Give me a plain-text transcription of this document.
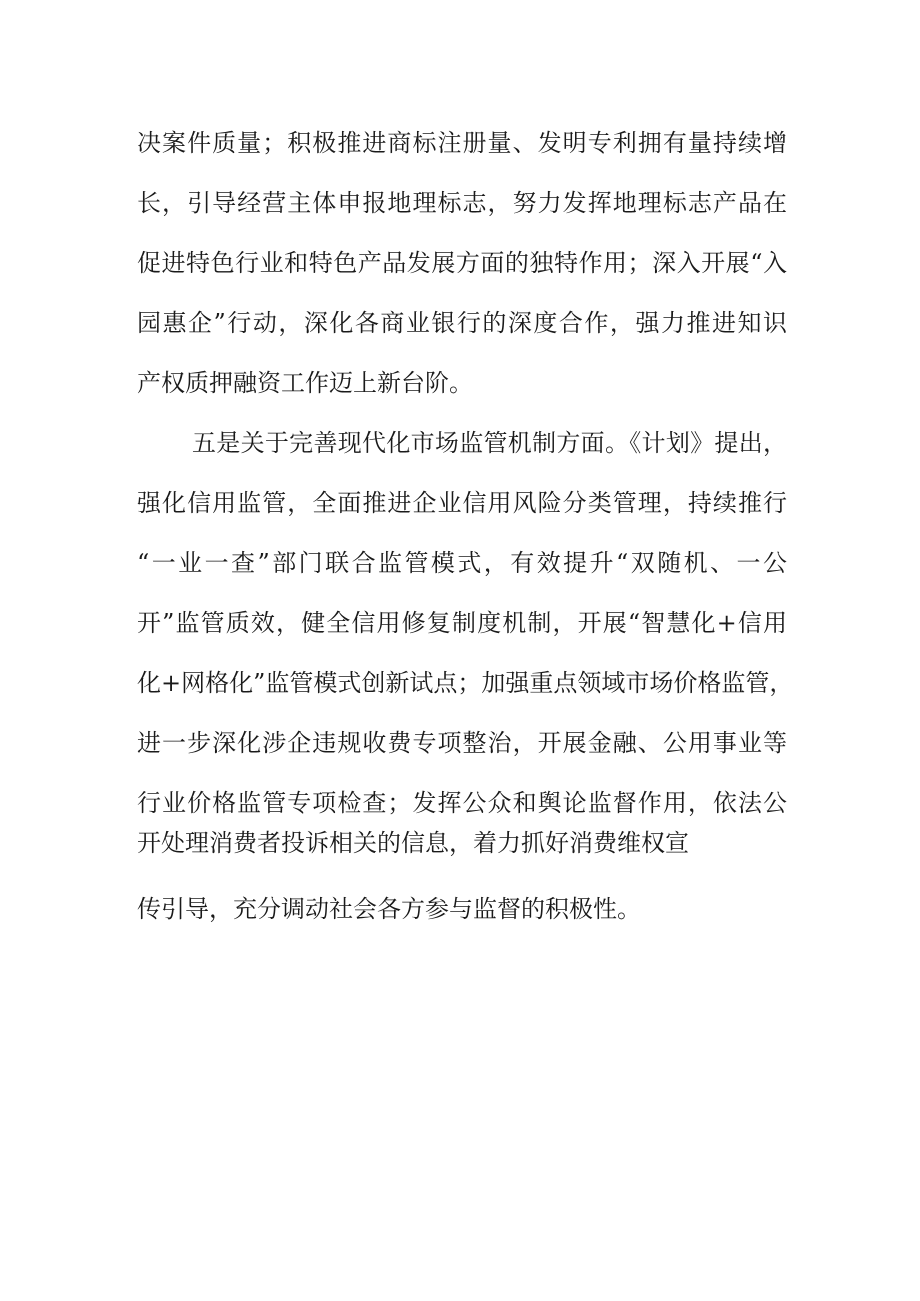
决案件质量；积极推进商标注册量、发明专利拥有量持续增
长，引导经营主体申报地理标志，努力发挥地理标志产品在
促进特色行业和特色产品发展方面的独特作用；深入开展“入
园惠企”行动，深化各商业银行的深度合作，强力推进知识
产权质押融资工作迈上新台阶。
五是关于完善现代化市场监管机制方面。《计划》提出，
强化信用监管，全面推进企业信用风险分类管理，持续推行
“一业一查”部门联合监管模式，有效提升“双随机、一公
开”监管质效，健全信用修复制度机制，开展“智慧化+信用
化+网格化”监管模式创新试点；加强重点领域市场价格监管，
进一步深化涉企违规收费专项整治，开展金融、公用事业等
行业价格监管专项检查；发挥公众和舆论监督作用，依法公
开处理消费者投诉相关的信息，着力抓好消费维权宣
传引导，充分调动社会各方参与监督的积极性。
